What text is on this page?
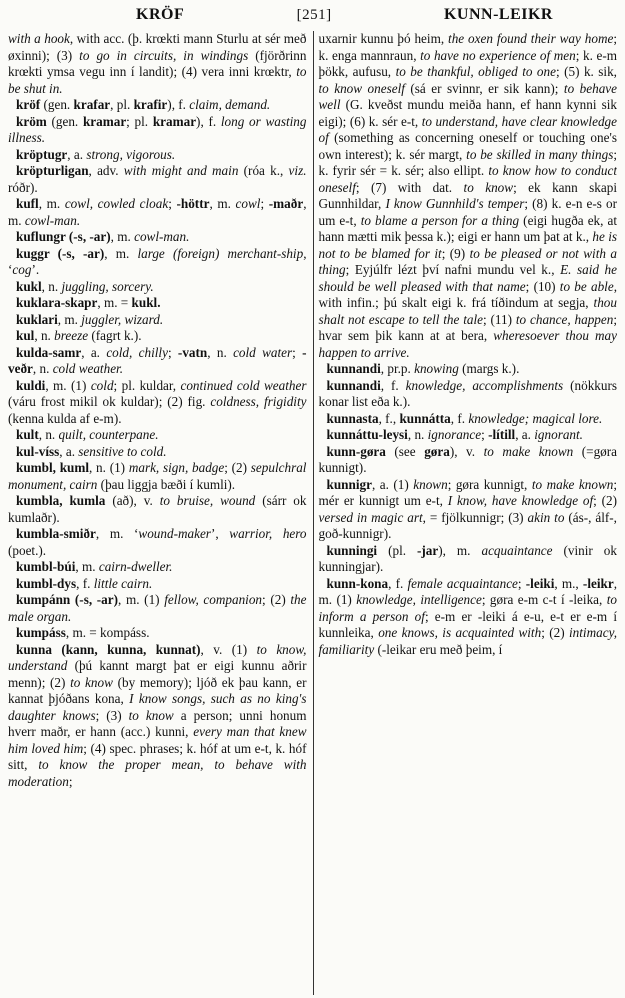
KRÖF	[251]	KUNN-LEIKR

with a hook, with acc. (þ. krœkti mann Sturlu at sér með øxinni); (3) to go in circuits, in windings (fjörðrinn krœkti ymsa vegu inn í landit); (4) vera inni krœktr, to be shut in.

kröf (gen. krafar, pl. krafir), f. claim, demand.

kröm (gen. kramar; pl. kramar), f. long or wasting illness.

kröptugr, a. strong, vigorous.

kröpturligan, adv. with might and main (róa k., viz. róðr).

kufl, m. cowl, cowled cloak; -höttr, m. cowl; -maðr, m. cowl-man.

kuflungr (-s, -ar), m. cowl-man.

kuggr (-s, -ar), m. large (foreign) merchant-ship, ‘cog’.

kukl, n. juggling, sorcery.

kuklara-skapr, m. = kukl.

kuklari, m. juggler, wizard.

kul, n. breeze (fagrt k.).

kulda-samr, a. cold, chilly; -vatn, n. cold water; -veðr, n. cold weather.

kuldi, m. (1) cold; pl. kuldar, continued cold weather (váru frost mikil ok kuldar); (2) fig. coldness, frigidity (kenna kulda af e-m).

kult, n. quilt, counterpane.

kul-víss, a. sensitive to cold.

kumbl, kuml, n. (1) mark, sign, badge; (2) sepulchral monument, cairn (þau liggja bæði í kumli).

kumbla, kumla (að), v. to bruise, wound (sárr ok kumlaðr).

kumbla-smiðr, m. ‘wound-maker’, warrior, hero (poet.).

kumbl-búi, m. cairn-dweller.

kumbl-dys, f. little cairn.

kumpánn (-s, -ar), m. (1) fellow, companion; (2) the male organ.

kumpáss, m. = kompáss.

kunna (kann, kunna, kunnat), v. (1) to know, understand (þú kannt margt þat er eigi kunnu aðrir menn); (2) to know (by memory); ljóð ek þau kann, er kannat þjóðans kona, I know songs, such as no king's daughter knows; (3) to know a person; unni honum hverr maðr, er hann (acc.) kunni, every man that knew him loved him; (4) spec. phrases; k. hóf at um e-t, k. hóf sitt, to know the proper mean, to behave with moderation;

uxarnir kunnu þó heim, the oxen found their way home; k. enga mannraun, to have no experience of men; k. e-m þökk, aufusu, to be thankful, obliged to one; (5) k. sik, to know oneself (sá er svinnr, er sik kann); to behave well (G. kveðst mundu meiða hann, ef hann kynni sik eigi); (6) k. sér e-t, to understand, have clear knowledge of (something as concerning oneself or touching one's own interest); k. sér margt, to be skilled in many things; k. fyrir sér = k. sér; also ellipt. to know how to conduct oneself; (7) with dat. to know; ek kann skapi Gunnhildar, I know Gunnhild's temper; (8) k. e-n e-s or um e-t, to blame a person for a thing (eigi hugða ek, at hann mætti mik þessa k.); eigi er hann um þat at k., he is not to be blamed for it; (9) to be pleased or not with a thing; Eyjúlfr lézt því nafni mundu vel k., E. said he should be well pleased with that name; (10) to be able, with infin.; þú skalt eigi k. frá tíðindum at segja, thou shalt not escape to tell the tale; (11) to chance, happen; hvar sem þik kann at at bera, wheresoever thou may happen to arrive.

kunnandi, pr.p. knowing (margs k.).

kunnandi, f. knowledge, accomplishments (nökkurs konar list eða k.).

kunnasta, f., kunnátta, f. knowledge; magical lore.

kunnáttu-leysi, n. ignorance; -lítill, a. ignorant.

kunn-gøra (see gøra), v. to make known (=gøra kunnigt).

kunnigr, a. (1) known; gøra kunnigt, to make known; mér er kunnigt um e-t, I know, have knowledge of; (2) versed in magic art, = fjölkunnigr; (3) akin to (ás-, álf-, goð-kunnigr).

kunningi (pl. -jar), m. acquaintance (vinir ok kunningjar).

kunn-kona, f. female acquaintance; -leiki, m., -leikr, m. (1) knowledge, intelligence; gøra e-m c-t í -leika, to inform a person of; e-m er -leiki á e-u, e-t er e-m í kunnleika, one knows, is acquainted with; (2) intimacy, familiarity (-leikar eru með þeim, í
